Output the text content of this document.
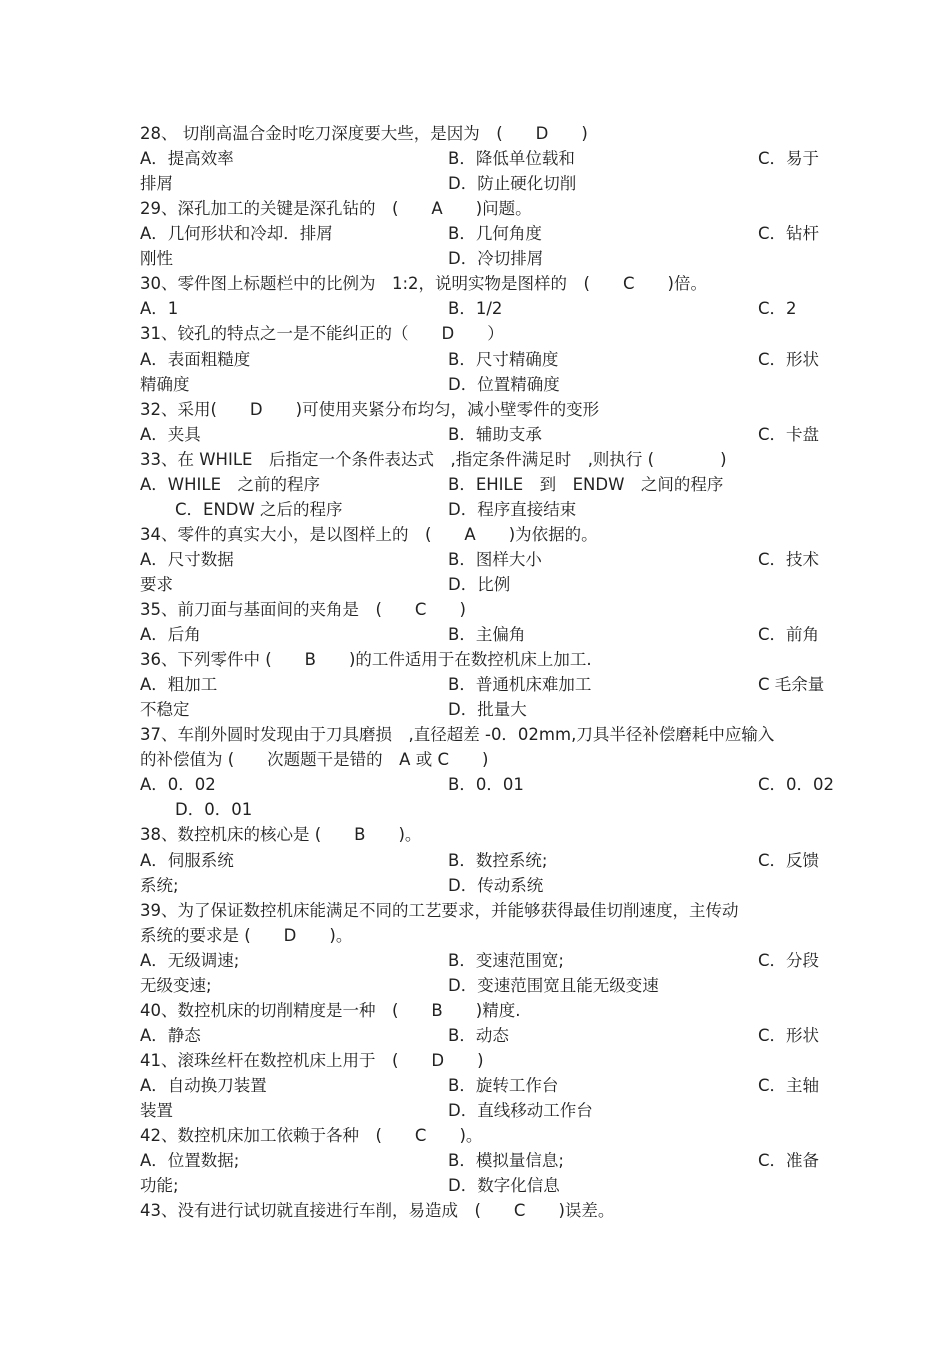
28、 切削高温合金时吃刀深度要大些，是因为　(　　D　　)
A．提高效率	B．降低单位载和	C．易于
排屑	D．防止硬化切削
29、深孔加工的关键是深孔钻的　(　　A　　)问题。
A．几何形状和冷却．排屑	B．几何角度	C．钻杆
刚性	D．冷切排屑
30、零件图上标题栏中的比例为　1:2，说明实物是图样的　(　　C　　)倍。
A．1	B．1/2	C．2
31、铰孔的特点之一是不能纠正的（　　D　　）
A．表面粗糙度	B．尺寸精确度	C．形状
精确度	D．位置精确度
32、采用(　　D　　)可使用夹紧分布均匀，减小壁零件的变形
A．夹具	B．辅助支承	C．卡盘
33、在 WHILE　后指定一个条件表达式　,指定条件满足时　,则执行 (　　　　)
A．WHILE　之前的程序	B．EHILE　到　ENDW　之间的程序
C．ENDW 之后的程序	D．程序直接结束
34、零件的真实大小，是以图样上的　(　　A　　)为依据的。
A．尺寸数据	B．图样大小	C．技术
要求	D．比例
35、前刀面与基面间的夹角是　(　　C　　)
A．后角	B．主偏角	C．前角
36、下列零件中 (　　B　　)的工件适用于在数控机床上加工.
A．粗加工	B．普通机床难加工	C 毛余量
不稳定	D．批量大
37、车削外圆时发现由于刀具磨损　,直径超差 -0．02mm,刀具半径补偿磨耗中应输入
的补偿值为 (　　次题题干是错的　A 或 C　　)
A．0．02	B．0．01	C．0．02
D．0．01
38、数控机床的核心是 (　　B　　)。
A．伺服系统	B．数控系统;	C．反馈
系统;	D．传动系统
39、为了保证数控机床能满足不同的工艺要求，并能够获得最佳切削速度，主传动
系统的要求是 (　　D　　)。
A．无级调速;	B．变速范围宽;	C．分段
无级变速;	D．变速范围宽且能无级变速
40、数控机床的切削精度是一种　(　　B　　)精度.
A．静态	B．动态	C．形状
41、滚珠丝杆在数控机床上用于　(　　D　　)
A．自动换刀装置	B．旋转工作台	C．主轴
装置	D．直线移动工作台
42、数控机床加工依赖于各种　(　　C　　)。
A．位置数据;	B．模拟量信息;	C．准备
功能;	D．数字化信息
43、没有进行试切就直接进行车削，易造成　(　　C　　)误差。
